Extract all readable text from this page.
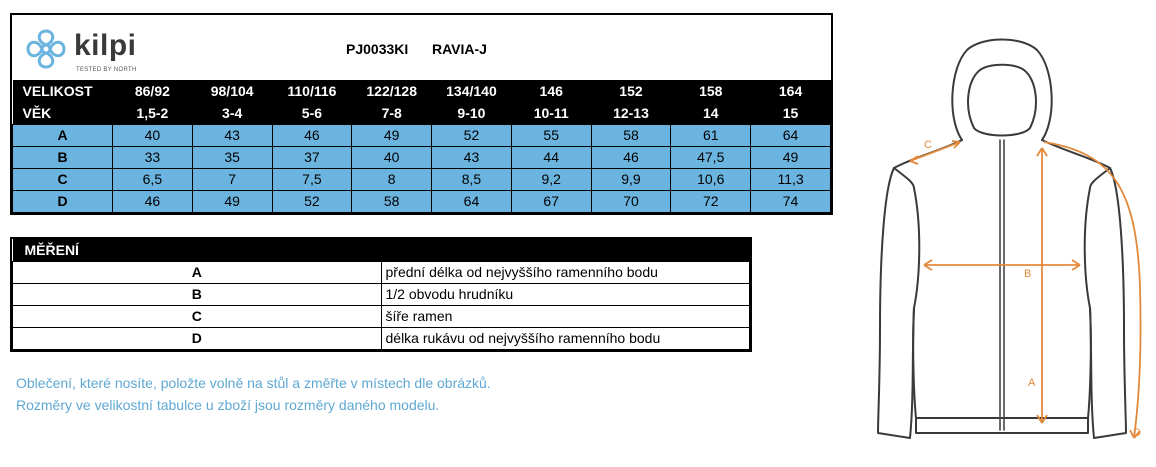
kilpi
TESTED BY NORTH
PJ0033KI RAVIA-J
VELIKOST	86/92	98/104	110/116	122/128	134/140	146	152	158	164
VĚK	1,5-2	3-4	5-6	7-8	9-10	10-11	12-13	14	15
A	40	43	46	49	52	55	58	61	64
B	33	35	37	40	43	44	46	47,5	49
C	6,5	7	7,5	8	8,5	9,2	9,9	10,6	11,3
D	46	49	52	58	64	67	70	72	74
MĚŘENÍ	
A	přední délka od nejvyššího ramenního bodu
B	1/2 obvodu hrudníku
C	šíře ramen
D	délka rukávu od nejvyššího ramenního bodu
Oblečení, které nosíte, položte volně na stůl a změřte v místech dle obrázků.
Rozměry ve velikostní tabulce u zboží jsou rozměry daného modelu.
C
B
A
D
